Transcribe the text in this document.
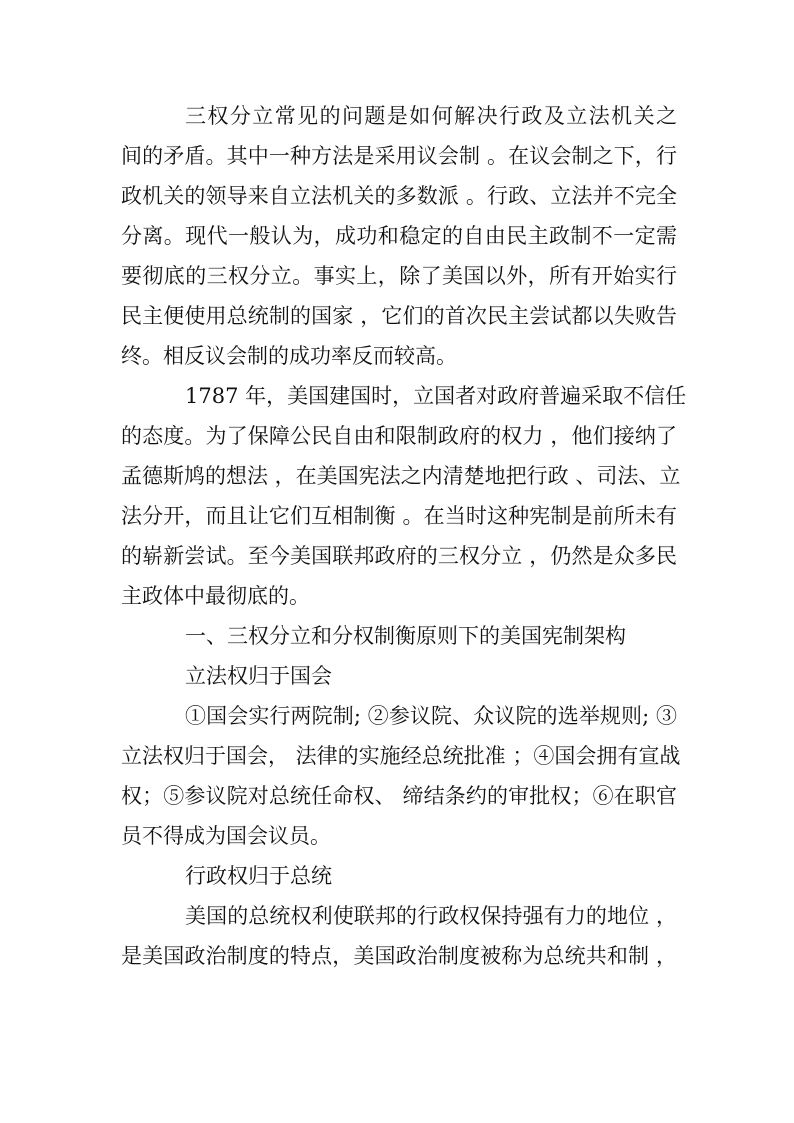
三权分立常见的问题是如何解决行政及立法机关之
间的矛盾。其中一种方法是采用议会制 。在议会制之下，行
政机关的领导来自立法机关的多数派 。行政、立法并不完全
分离。现代一般认为，成功和稳定的自由民主政制不一定需
要彻底的三权分立。事实上，除了美国以外，所有开始实行
民主便使用总统制的国家 ，它们的首次民主尝试都以失败告
终。相反议会制的成功率反而较高。
1787 年，美国建国时，立国者对政府普遍采取不信任
的态度。为了保障公民自由和限制政府的权力 ，他们接纳了
孟德斯鸠的想法 ，在美国宪法之内清楚地把行政 、司法、立
法分开，而且让它们互相制衡 。在当时这种宪制是前所未有
的崭新尝试。至今美国联邦政府的三权分立 ，仍然是众多民
主政体中最彻底的。
一、三权分立和分权制衡原则下的美国宪制架构
立法权归于国会
①国会实行两院制; ②参议院、众议院的选举规则; ③
立法权归于国会， 法律的实施经总统批准 ；④国会拥有宣战
权；⑤参议院对总统任命权、 缔结条约的审批权；⑥在职官
员不得成为国会议员。
行政权归于总统
美国的总统权利使联邦的行政权保持强有力的地位 ，
是美国政治制度的特点，美国政治制度被称为总统共和制 ，
